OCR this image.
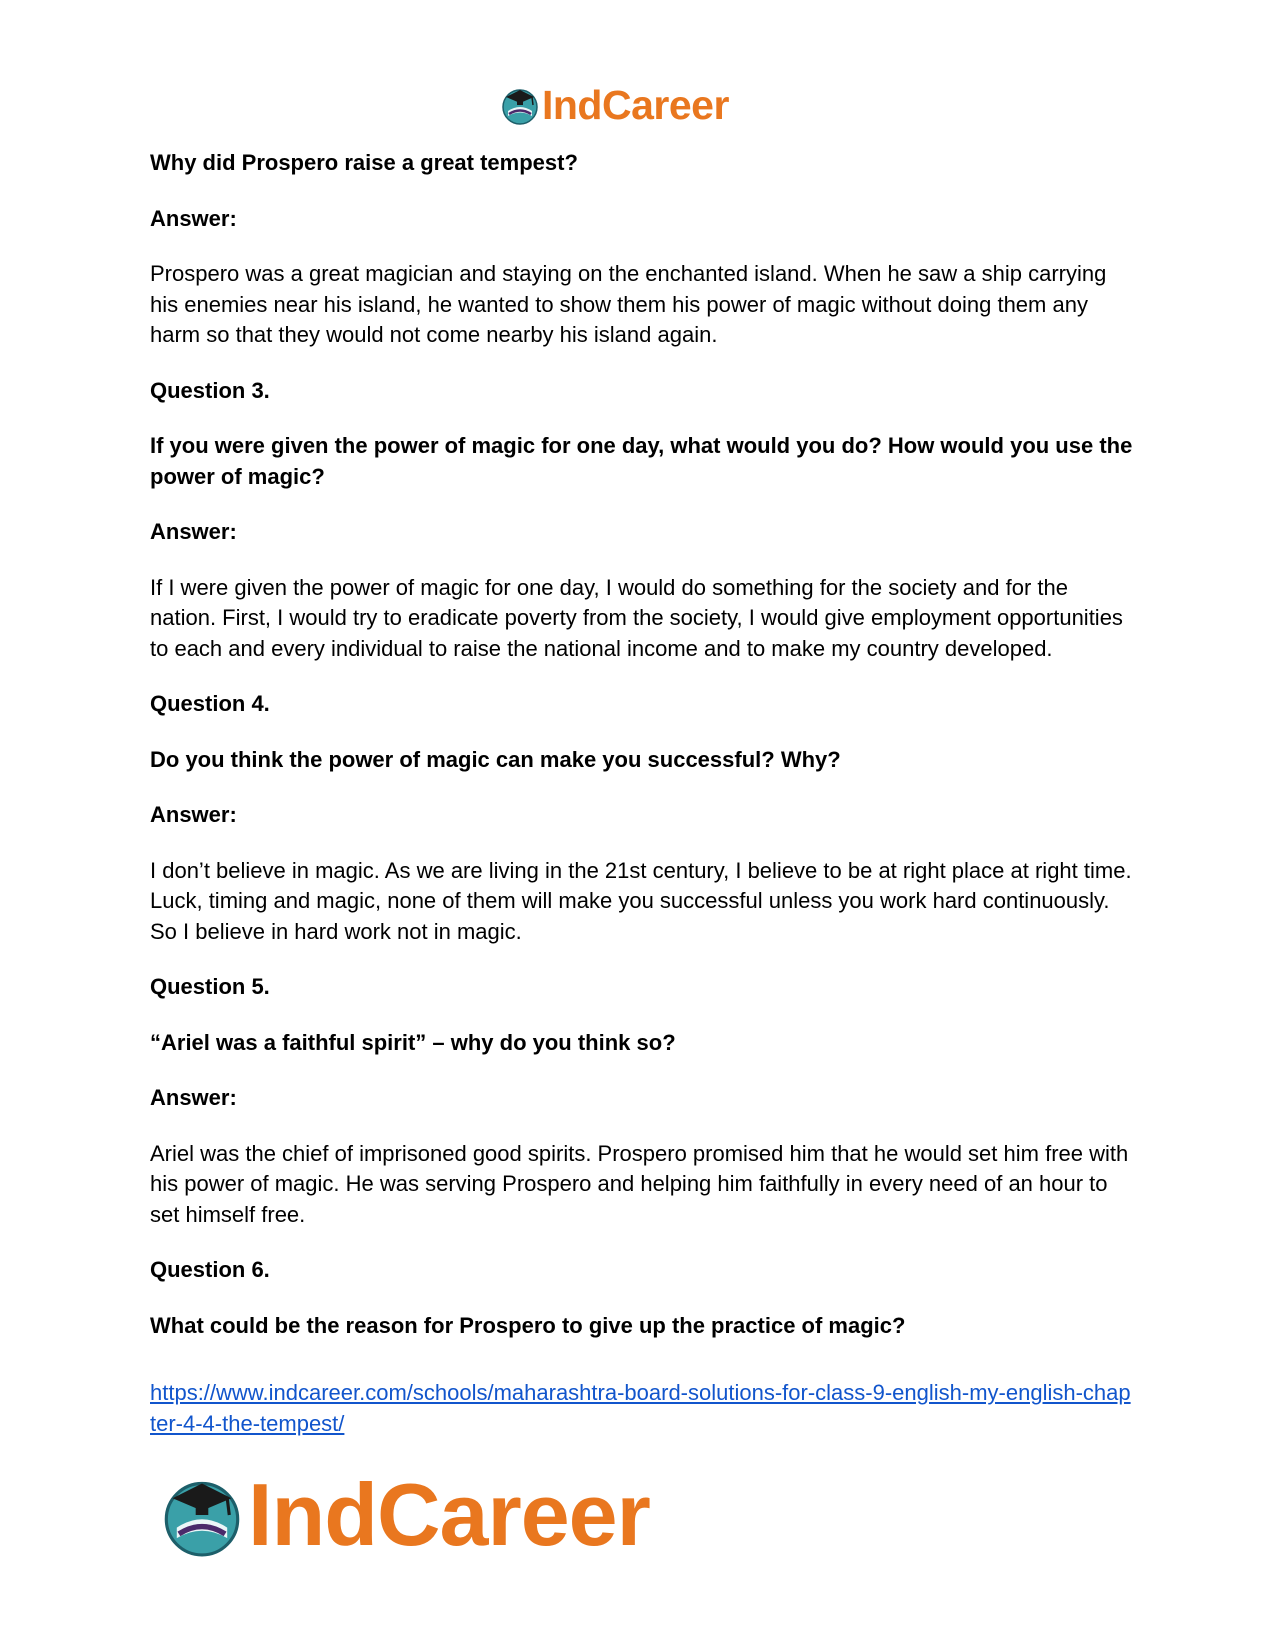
IndCareer

Why did Prospero raise a great tempest?

Answer:

Prospero was a great magician and staying on the enchanted island. When he saw a ship carrying his enemies near his island, he wanted to show them his power of magic without doing them any harm so that they would not come nearby his island again.

Question 3.

If you were given the power of magic for one day, what would you do? How would you use the power of magic?

Answer:

If I were given the power of magic for one day, I would do something for the society and for the nation. First, I would try to eradicate poverty from the society, I would give employment opportunities to each and every individual to raise the national income and to make my country developed.

Question 4.

Do you think the power of magic can make you successful? Why?

Answer:

I don’t believe in magic. As we are living in the 21st century, I believe to be at right place at right time. Luck, timing and magic, none of them will make you successful unless you work hard continuously. So I believe in hard work not in magic.

Question 5.

“Ariel was a faithful spirit” – why do you think so?

Answer:

Ariel was the chief of imprisoned good spirits. Prospero promised him that he would set him free with his power of magic. He was serving Prospero and helping him faithfully in every need of an hour to set himself free.

Question 6.

What could be the reason for Prospero to give up the practice of magic?

https://www.indcareer.com/schools/maharashtra-board-solutions-for-class-9-english-my-english-chapter-4-4-the-tempest/
IndCareer
